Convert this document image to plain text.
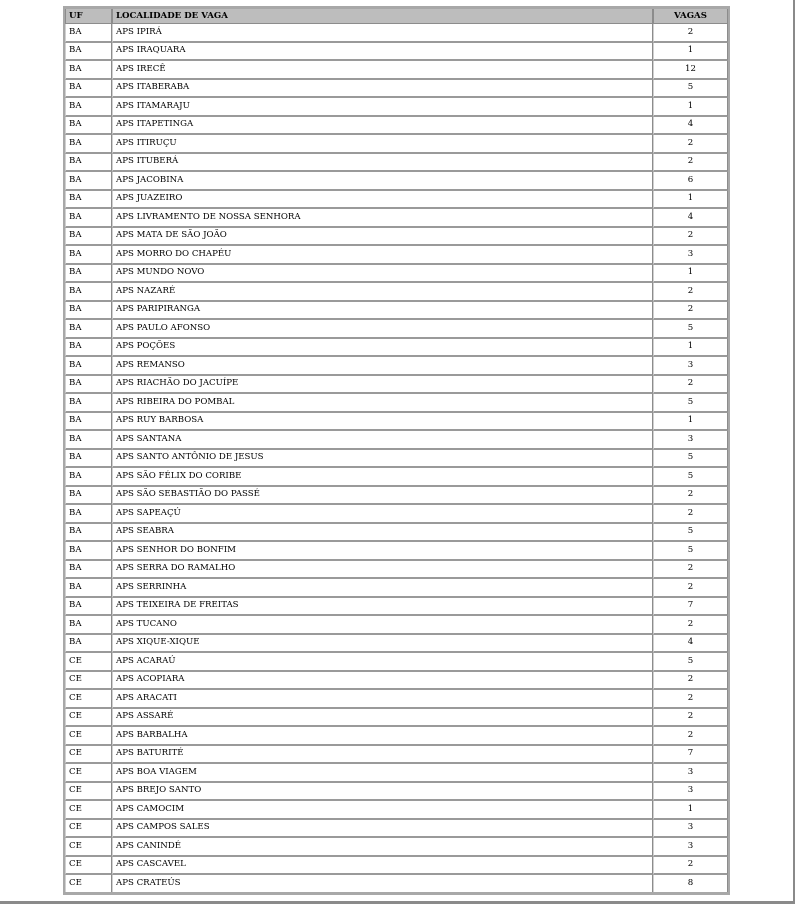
UF	LOCALIDADE DE VAGA	VAGAS
BA	APS IPIRÁ	2
BA	APS IRAQUARA	1
BA	APS IRECÊ	12
BA	APS ITABERABA	5
BA	APS ITAMARAJU	1
BA	APS ITAPETINGA	4
BA	APS ITIRUÇU	2
BA	APS ITUBERÁ	2
BA	APS JACOBINA	6
BA	APS JUAZEIRO	1
BA	APS LIVRAMENTO DE NOSSA SENHORA	4
BA	APS MATA DE SÃO JOÃO	2
BA	APS MORRO DO CHAPÉU	3
BA	APS MUNDO NOVO	1
BA	APS NAZARÉ	2
BA	APS PARIPIRANGA	2
BA	APS PAULO AFONSO	5
BA	APS POÇÕES	1
BA	APS REMANSO	3
BA	APS RIACHÃO DO JACUÍPE	2
BA	APS RIBEIRA DO POMBAL	5
BA	APS RUY BARBOSA	1
BA	APS SANTANA	3
BA	APS SANTO ANTÔNIO DE JESUS	5
BA	APS SÃO FÉLIX DO CORIBE	5
BA	APS SÃO SEBASTIÃO DO PASSÉ	2
BA	APS SAPEAÇÚ	2
BA	APS SEABRA	5
BA	APS SENHOR DO BONFIM	5
BA	APS SERRA DO RAMALHO	2
BA	APS SERRINHA	2
BA	APS TEIXEIRA DE FREITAS	7
BA	APS TUCANO	2
BA	APS XIQUE-XIQUE	4
CE	APS ACARAÚ	5
CE	APS ACOPIARA	2
CE	APS ARACATI	2
CE	APS ASSARÉ	2
CE	APS BARBALHA	2
CE	APS BATURITÉ	7
CE	APS BOA VIAGEM	3
CE	APS BREJO SANTO	3
CE	APS CAMOCIM	1
CE	APS CAMPOS SALES	3
CE	APS CANINDÉ	3
CE	APS CASCAVEL	2
CE	APS CRATEÚS	8
